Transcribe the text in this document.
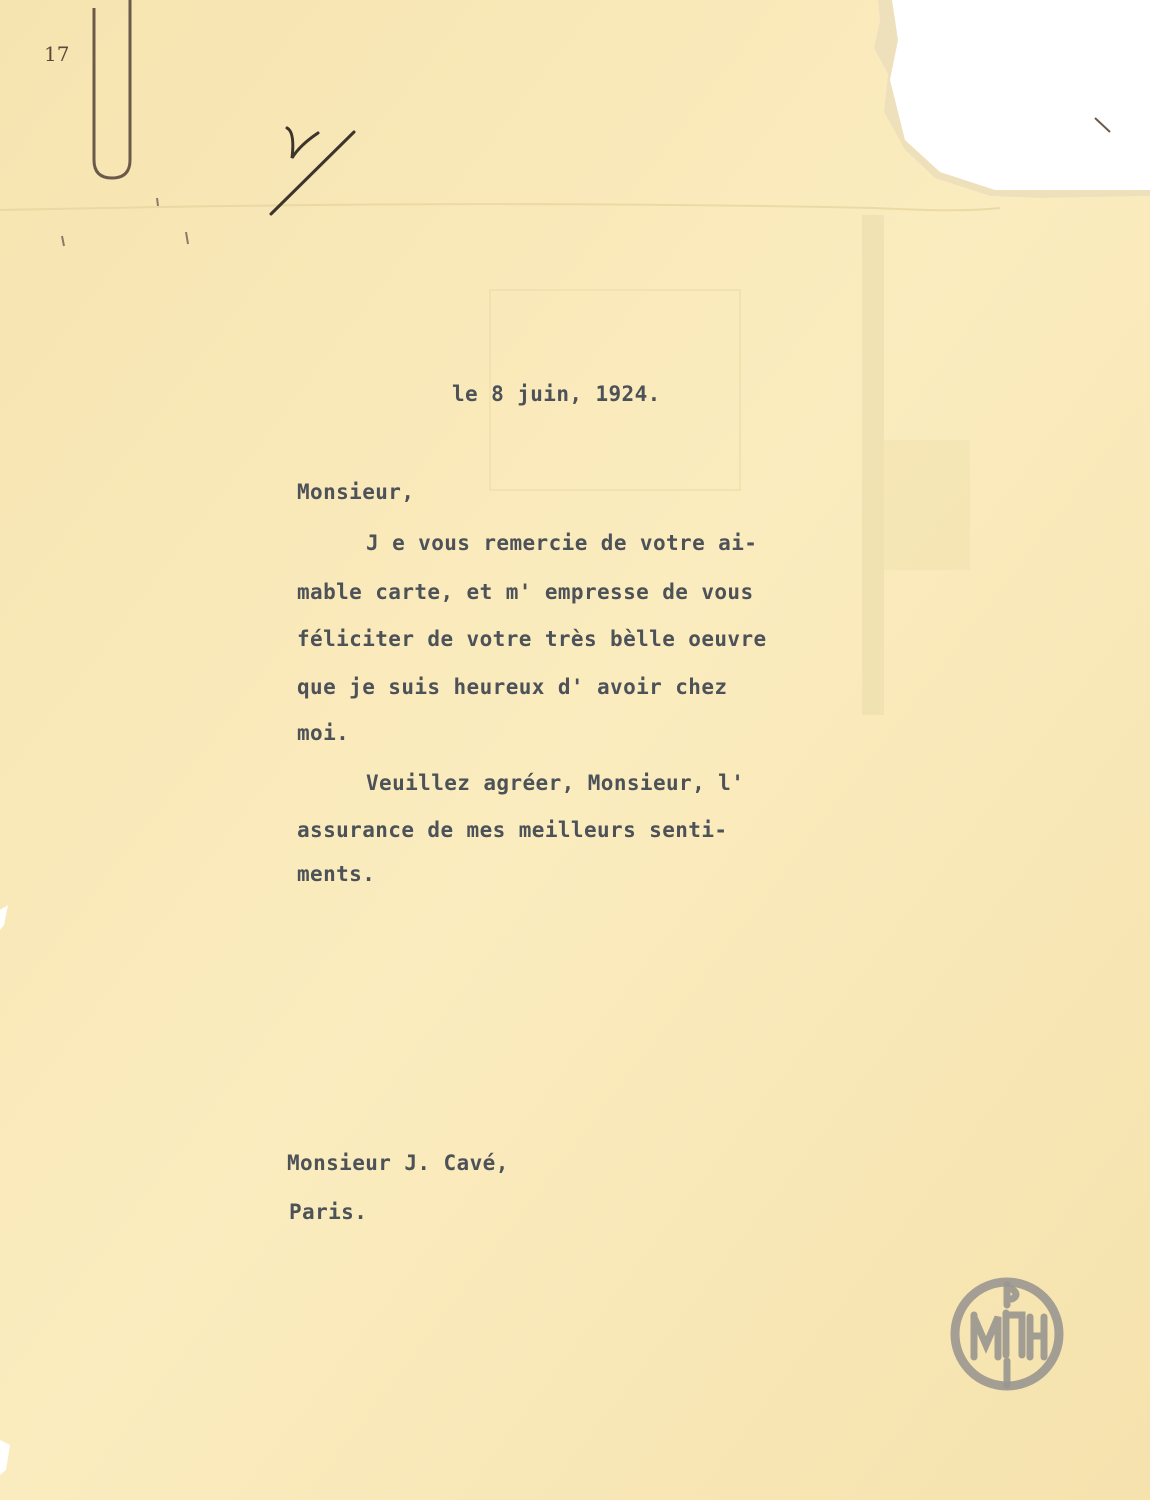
17
le 8 juin, 1924.
Monsieur,
J e vous remercie de votre ai-
mable carte, et m' empresse de vous
féliciter de votre très bèlle oeuvre
que je suis heureux d' avoir chez
moi.
Veuillez agréer, Monsieur, l'
assurance de mes meilleurs senti-
ments.
Monsieur J. Cavé,
Paris.
